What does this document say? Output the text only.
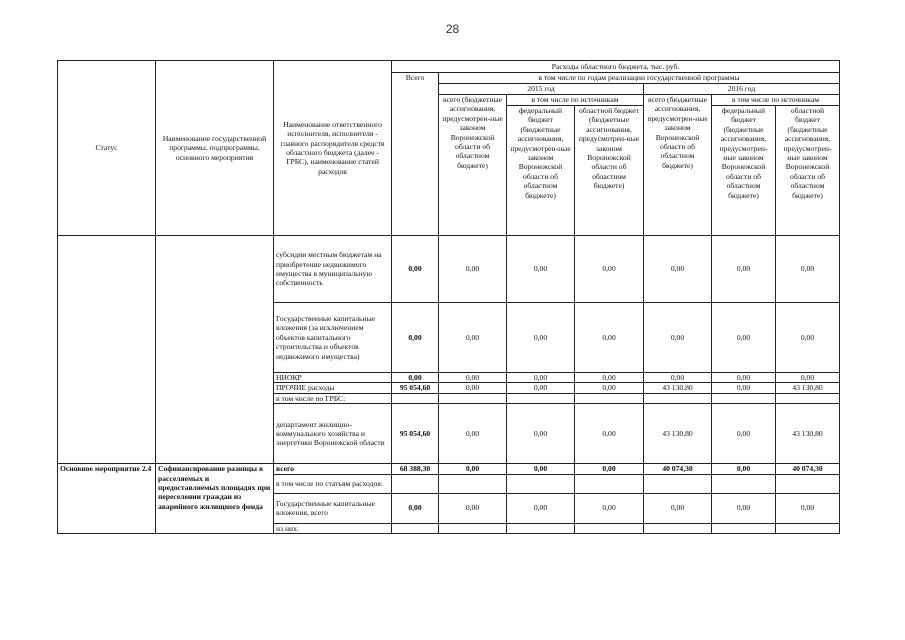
28
Статус	Наименование государственной программы, подпрограммы, основного мероприятия	Наименование ответственного исполнителя, исполнителя - главного распорядителя средств областного бюджета (далее - ГРБС), наименование статей расходов	Расходы областного бюджета, тыс. руб.						
			Всего	в том числе по годам реализации государственной программы					
				2015 год			2016 год		
				всего (бюджетные ассигнования, предусмотрен-ные законом Воронежской области об областном бюджете)	в том числе по источникам		всего (бюджетные ассигнования, предусмотрен-ные законом Воронежской области об областном бюджете)	в том числе по источникам	
					федеральный бюджет (бюджетные ассигнования, предусмотрен-ные законом Воронежской области об областном бюджете)	областной бюджет (бюджетные ассигнования, предусмотрен-ные законом Воронежской области об областном бюджете)		федеральный бюджет (бюджетные ассигнования, предусмотрен-ные законом Воронежской области об областном бюджете)	областной бюджет (бюджетные ассигнования, предусмотрен-ные законом Воронежской области об областном бюджете)
		субсидии местным бюджетам на приобретение недвижимого имущества в муниципальную собственность	0,00	0,00	0,00	0,00	0,00	0,00	0,00
		Государственные капитальные вложения (за исключением объектов капитального строительства и объектов недвижимого имущества)	0,00	0,00	0,00	0,00	0,00	0,00	0,00
		НИОКР	0,00	0,00	0,00	0,00	0,00	0,00	0,00
		ПРОЧИЕ расходы	95 054,60	0,00	0,00	0,00	43 130,80	0,00	43 130,80
		в том числе по ГРБС:							
		департамент жилищно-коммунального хозяйства и энергетики Воронежской области	95 054,60	0,00	0,00	0,00	43 130,80	0,00	43 130,80
Основное мероприятие 2.4	Софинансирование разницы в расселяемых и предоставляемых площадях при переселении граждан из аварийного жилищного фонда	всего	68 388,30	0,00	0,00	0,00	40 074,30	0,00	40 074,30
		в том числе по статьям расходов:							
		Государственные капитальные вложения, всего	0,00	0,00	0,00	0,00	0,00	0,00	0,00
		из них:							
